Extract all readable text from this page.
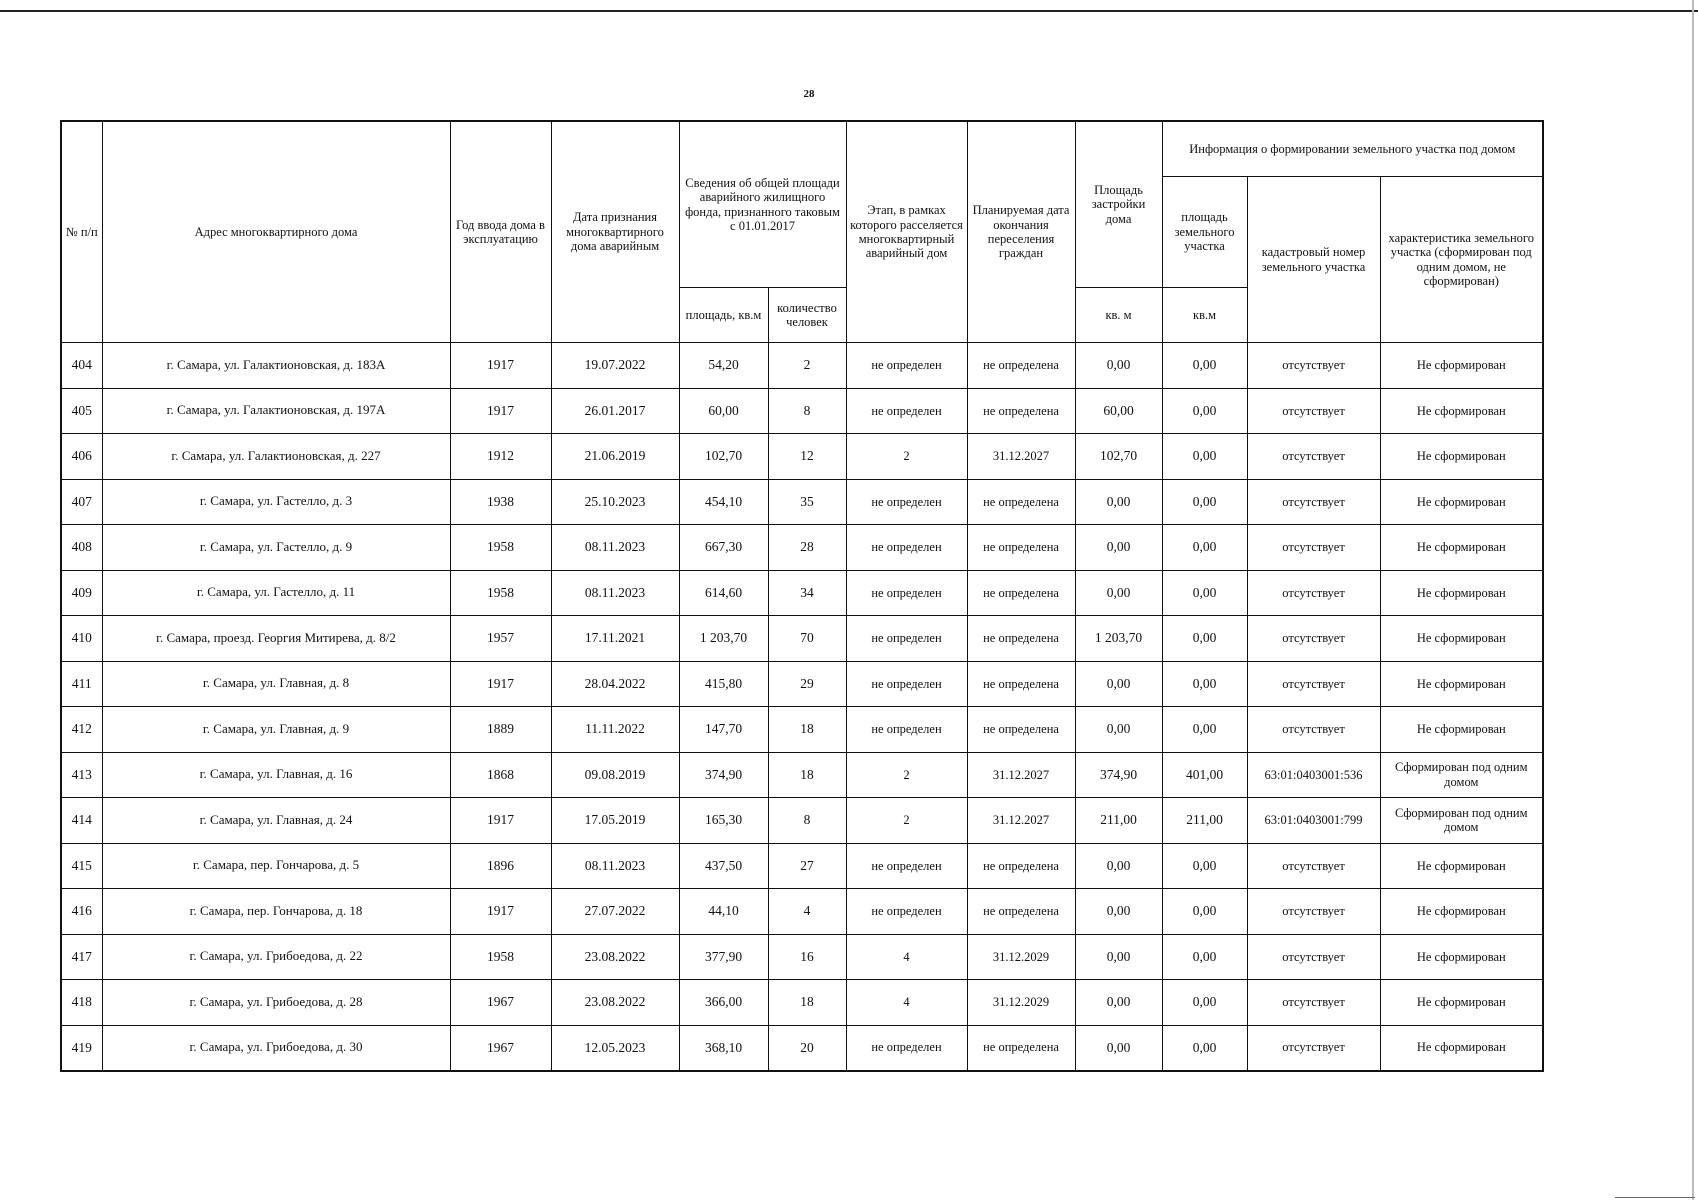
28
№ п/п	Адрес многоквартирного дома	Год ввода дома в эксплуатацию	Дата признания многоквартирного дома аварийным	Сведения об общей площади аварийного жилищного фонда, признанного таковым с 01.01.2017		Этап, в рамках которого расселяется многоквартирный аварийный дом	Планируемая дата окончания переселения граждан	Площадь застройки дома	Информация о формировании земельного участка под домом		
									площадь земельного участка	кадастровый номер земельного участка	характеристика земельного участка (сформирован под одним домом, не сформирован)
				площадь, кв.м	количество человек			кв. м	кв.м		
404	г. Самара, ул. Галактионовская, д. 183А	1917	19.07.2022	54,20	2	не определен	не определена	0,00	0,00	отсутствует	Не сформирован
405	г. Самара, ул. Галактионовская, д. 197А	1917	26.01.2017	60,00	8	не определен	не определена	60,00	0,00	отсутствует	Не сформирован
406	г. Самара, ул. Галактионовская, д. 227	1912	21.06.2019	102,70	12	2	31.12.2027	102,70	0,00	отсутствует	Не сформирован
407	г. Самара, ул. Гастелло, д. 3	1938	25.10.2023	454,10	35	не определен	не определена	0,00	0,00	отсутствует	Не сформирован
408	г. Самара, ул. Гастелло, д. 9	1958	08.11.2023	667,30	28	не определен	не определена	0,00	0,00	отсутствует	Не сформирован
409	г. Самара, ул. Гастелло, д. 11	1958	08.11.2023	614,60	34	не определен	не определена	0,00	0,00	отсутствует	Не сформирован
410	г. Самара, проезд. Георгия Митирева, д. 8/2	1957	17.11.2021	1 203,70	70	не определен	не определена	1 203,70	0,00	отсутствует	Не сформирован
411	г. Самара, ул. Главная, д. 8	1917	28.04.2022	415,80	29	не определен	не определена	0,00	0,00	отсутствует	Не сформирован
412	г. Самара, ул. Главная, д. 9	1889	11.11.2022	147,70	18	не определен	не определена	0,00	0,00	отсутствует	Не сформирован
413	г. Самара, ул. Главная, д. 16	1868	09.08.2019	374,90	18	2	31.12.2027	374,90	401,00	63:01:0403001:536	Сформирован под одним домом
414	г. Самара, ул. Главная, д. 24	1917	17.05.2019	165,30	8	2	31.12.2027	211,00	211,00	63:01:0403001:799	Сформирован под одним домом
415	г. Самара, пер. Гончарова, д. 5	1896	08.11.2023	437,50	27	не определен	не определена	0,00	0,00	отсутствует	Не сформирован
416	г. Самара, пер. Гончарова, д. 18	1917	27.07.2022	44,10	4	не определен	не определена	0,00	0,00	отсутствует	Не сформирован
417	г. Самара, ул. Грибоедова, д. 22	1958	23.08.2022	377,90	16	4	31.12.2029	0,00	0,00	отсутствует	Не сформирован
418	г. Самара, ул. Грибоедова, д. 28	1967	23.08.2022	366,00	18	4	31.12.2029	0,00	0,00	отсутствует	Не сформирован
419	г. Самара, ул. Грибоедова, д. 30	1967	12.05.2023	368,10	20	не определен	не определена	0,00	0,00	отсутствует	Не сформирован
